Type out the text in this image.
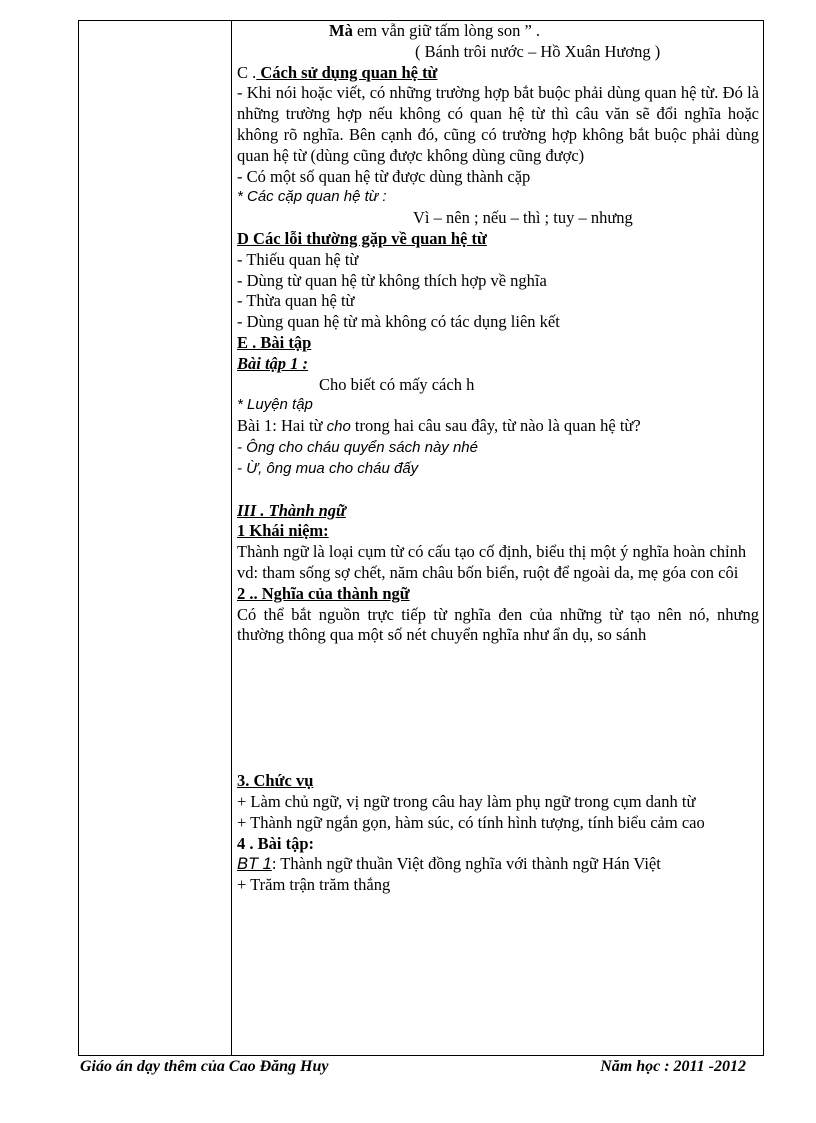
Mà em vẫn giữ tấm lòng son ” .
( Bánh trôi nước – Hồ Xuân Hương )
C . Cách sử dụng quan hệ từ
- Khi nói hoặc viết, có những trường hợp bắt buộc phải dùng quan hệ từ. Đó là những trường hợp nếu không có quan hệ từ thì câu văn sẽ đổi nghĩa hoặc không rõ nghĩa. Bên cạnh đó, cũng có trường hợp không bắt buộc phải dùng quan hệ từ (dùng cũng được không dùng cũng được)
- Có một số quan hệ từ được dùng thành cặp
* Các cặp quan hệ từ :
Vì – nên ; nếu – thì ; tuy – nhưng
D Các lỗi thường gặp về quan hệ từ
- Thiếu quan hệ từ
- Dùng từ quan hệ từ không thích hợp về nghĩa
- Thừa quan hệ từ
- Dùng quan hệ từ mà không có tác dụng liên kết
E . Bài tập
Bài tập 1 :
Cho biết có mấy cách h
* Luyện tập
Bài 1: Hai từ cho trong hai câu sau đây, từ nào là quan hệ từ?
- Ông cho cháu quyển sách này nhé
- Ừ, ông mua cho cháu đấy
III . Thành ngữ
1 Khái niệm:
Thành ngữ là loại cụm từ có cấu tạo cố định, biểu thị một ý nghĩa hoàn chỉnh
vd: tham sống sợ chết, năm châu bốn biển, ruột để ngoài da, mẹ góa con côi
2 .. Nghĩa của thành ngữ
Có thể bắt nguồn trực tiếp từ nghĩa đen của những từ tạo nên nó, nhưng thường thông qua một số nét chuyển nghĩa như ẩn dụ, so sánh
3. Chức vụ
+ Làm chủ ngữ, vị ngữ trong câu hay làm phụ ngữ trong cụm danh từ
+ Thành ngữ ngắn gọn, hàm súc, có tính hình tượng, tính biểu cảm cao
4 . Bài tập:
BT 1: Thành ngữ thuần Việt đồng nghĩa với thành ngữ Hán Việt
+ Trăm trận trăm thắng
Giáo án dạy thêm của Cao Đăng Huy	Năm học : 2011 -2012
